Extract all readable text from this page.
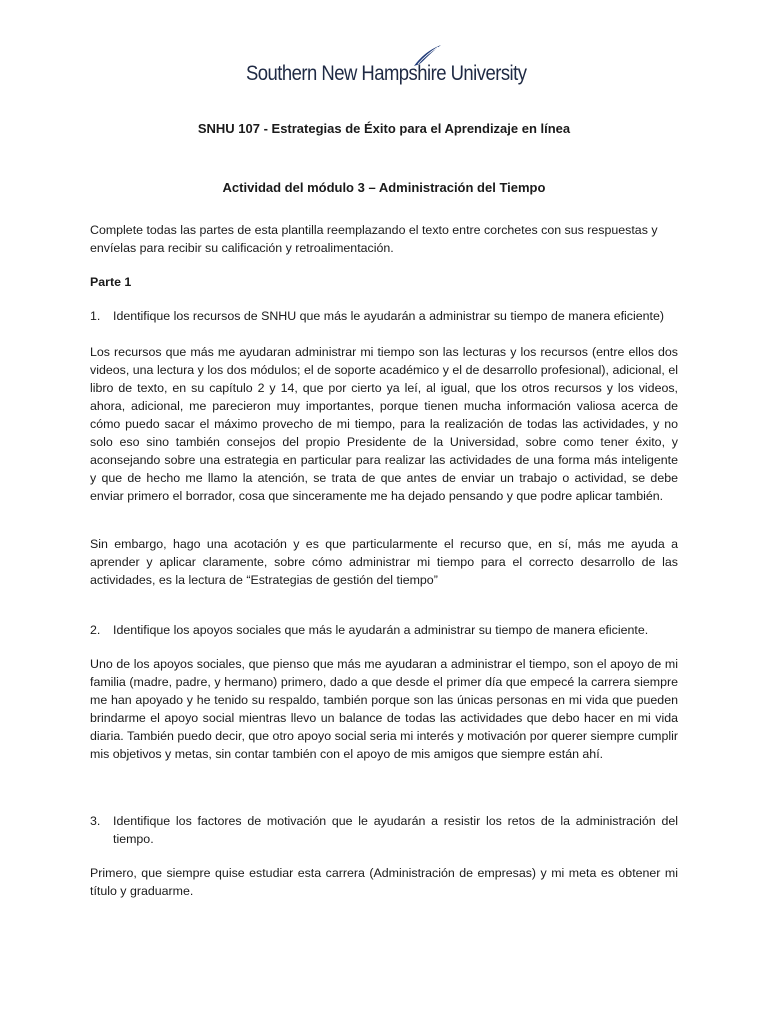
Southern New Hampshire University
SNHU 107 - Estrategias de Éxito para el Aprendizaje en línea
Actividad del módulo 3 – Administración del Tiempo

Complete todas las partes de esta plantilla reemplazando el texto entre corchetes con sus respuestas y envíelas para recibir su calificación y retroalimentación.

Parte 1
1.	Identifique los recursos de SNHU que más le ayudarán a administrar su tiempo de manera eficiente)

Los recursos que más me ayudaran administrar mi tiempo son las lecturas y los recursos (entre ellos dos videos, una lectura y los dos módulos; el de soporte académico y el de desarrollo profesional), adicional, el libro de texto, en su capítulo 2 y 14, que por cierto ya leí, al igual, que los otros recursos y los videos, ahora, adicional, me parecieron muy importantes, porque tienen mucha información valiosa acerca de cómo puedo sacar el máximo provecho de mi tiempo, para la realización de todas las actividades, y no solo eso sino también consejos del propio Presidente de la Universidad, sobre como tener éxito, y aconsejando sobre una estrategia en particular para realizar las actividades de una forma más inteligente y que de hecho me llamo la atención, se trata de que antes de enviar un trabajo o actividad, se debe enviar primero el borrador, cosa que sinceramente me ha dejado pensando y que podre aplicar también.

Sin embargo, hago una acotación y es que particularmente el recurso que, en sí, más me ayuda a aprender y aplicar claramente, sobre cómo administrar mi tiempo para el correcto desarrollo de las actividades, es la lectura de “Estrategias de gestión del tiempo”

2.	Identifique los apoyos sociales que más le ayudarán a administrar su tiempo de manera eficiente.

Uno de los apoyos sociales, que pienso que más me ayudaran a administrar el tiempo, son el apoyo de mi familia (madre, padre, y hermano) primero, dado a que desde el primer día que empecé la carrera siempre me han apoyado y he tenido su respaldo, también porque son las únicas personas en mi vida que pueden brindarme el apoyo social mientras llevo un balance de todas las actividades que debo hacer en mi vida diaria. También puedo decir, que otro apoyo social seria mi interés y motivación por querer siempre cumplir mis objetivos y metas, sin contar también con el apoyo de mis amigos que siempre están ahí.

3.	Identifique los factores de motivación que le ayudarán a resistir los retos de la administración del tiempo.

Primero, que siempre quise estudiar esta carrera (Administración de empresas) y mi meta es obtener mi título y graduarme.
